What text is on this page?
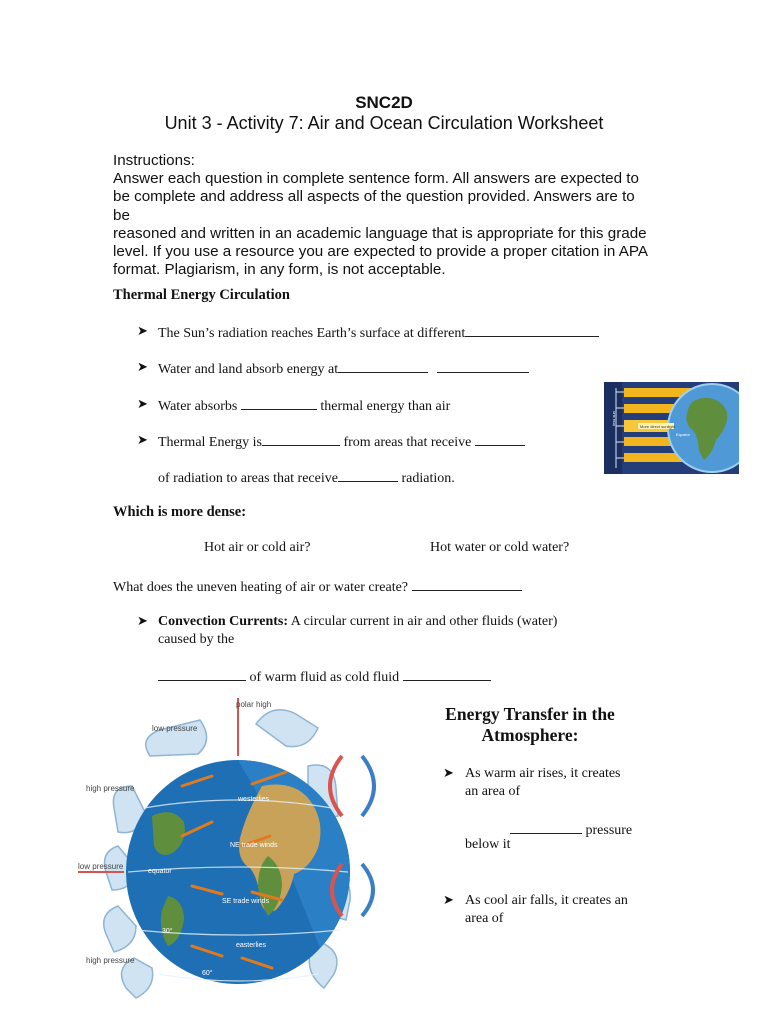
SNC2D
Unit 3 - Activity 7: Air and Ocean Circulation Worksheet

Instructions:

Answer each question in complete sentence form. All answers are expected to

be complete and address all aspects of the question provided. Answers are to be

reasoned and written in an academic language that is appropriate for this grade

level. If you use a resource you are expected to provide a proper citation in APA

format. Plagiarism, in any form, is not acceptable.

Thermal Energy Circulation
➤ The Sun’s radiation reaches Earth’s surface at different
➤ Water and land absorb energy at
➤ Water absorbs	thermal energy than air
➤ Thermal Energy is	from areas that receive
of radiation to areas that receive	radiation.
less sun
More direct sunlight
Equator
Which is more dense:
Hot air or cold air?	Hot water or cold water?
What does the uneven heating of air or water create?
➤ Convection Currents: A circular current in air and other fluids (water)
caused by the
of warm fluid as cold fluid
polar high
low pressure
high pressure
westerlies
NE trade winds
low pressure
equator
SE trade winds
30°
easterlies
high pressure
60°
Energy Transfer in the
Atmosphere:
➤ As warm air rises, it creates
an area of
pressure
below it
➤ As cool air falls, it creates an
area of
